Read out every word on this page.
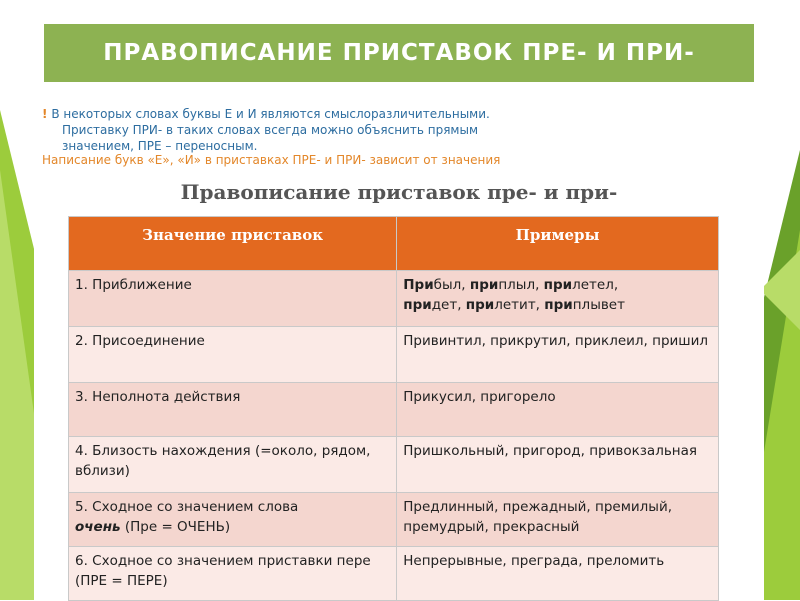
ПРАВОПИСАНИЕ ПРИСТАВОК ПРЕ- И ПРИ-
! В некоторых словах буквы Е и И являются смыслоразличительными.
Приставку ПРИ- в таких словах всегда можно объяснить прямым
значением, ПРЕ – переносным.
Написание букв «Е», «И» в приставках ПРЕ- и ПРИ- зависит от значения
Правописание приставок пре- и при-
Значение приставок	Примеры
1. Приближение	Прибыл, приплыл, прилетел,
придет, прилетит, приплывет
2. Присоединение	Привинтил, прикрутил, приклеил, пришил
3. Неполнота действия	Прикусил, пригорело
4. Близость нахождения (=около, рядом, вблизи)	Пришкольный, пригород, привокзальная
5. Сходное со значением слова
очень (Пре = ОЧЕНЬ)	Предлинный, прежадный, премилый, премудрый, прекрасный
6. Сходное со значением приставки пере (ПРЕ = ПЕРЕ)	Непрерывные, преграда, преломить
